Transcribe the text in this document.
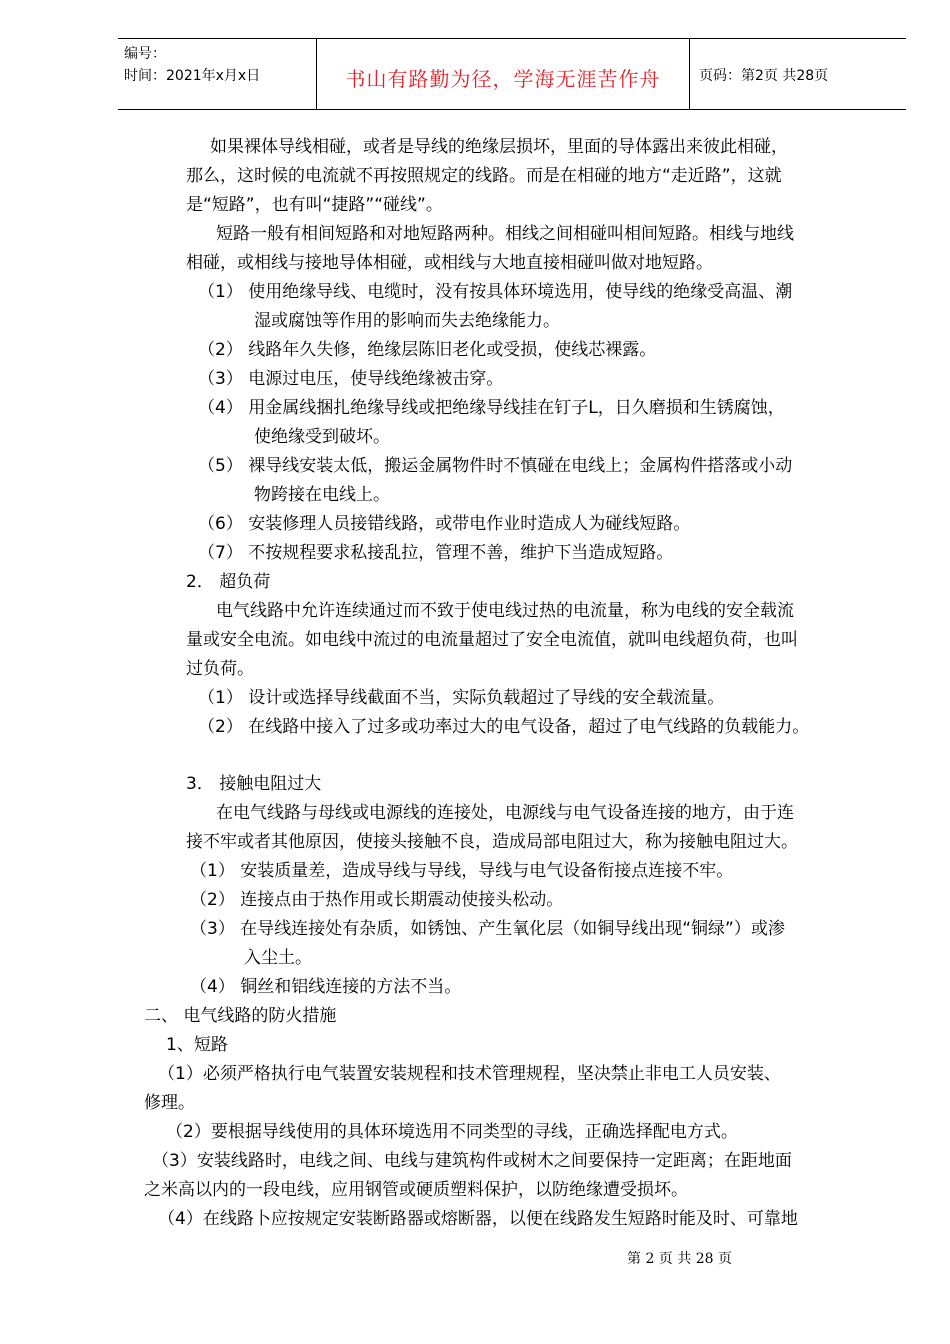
编号：
时间：2021年x月x日	书山有路勤为径，学海无涯苦作舟	页码：第2页 共28页
如果裸体导线相碰，或者是导线的绝缘层损坏，里面的导体露出来彼此相碰，
那么，这时候的电流就不再按照规定的线路。而是在相碰的地方“走近路”，这就
是“短路”，也有叫“捷路”“碰线”。
短路一般有相间短路和对地短路两种。相线之间相碰叫相间短路。相线与地线
相碰，或相线与接地导体相碰，或相线与大地直接相碰叫做对地短路。
（1） 使用绝缘导线、电缆时，没有按具体环境选用，使导线的绝缘受高温、潮
湿或腐蚀等作用的影响而失去绝缘能力。
（2） 线路年久失修，绝缘层陈旧老化或受损，使线芯裸露。
（3） 电源过电压，使导线绝缘被击穿。
（4） 用金属线捆扎绝缘导线或把绝缘导线挂在钉子L，日久磨损和生锈腐蚀，
使绝缘受到破坏。
（5） 裸导线安装太低，搬运金属物件时不慎碰在电线上；金属构件搭落或小动
物跨接在电线上。
（6） 安装修理人员接错线路，或带电作业时造成人为碰线短路。
（7） 不按规程要求私接乱拉，管理不善，维护下当造成短路。
2． 超负荷
电气线路中允许连续通过而不致于使电线过热的电流量，称为电线的安全载流
量或安全电流。如电线中流过的电流量超过了安全电流值，就叫电线超负荷，也叫
过负荷。
（1） 设计或选择导线截面不当，实际负载超过了导线的安全载流量。
（2） 在线路中接入了过多或功率过大的电气设备，超过了电气线路的负载能力。
3． 接触电阻过大
在电气线路与母线或电源线的连接处，电源线与电气设备连接的地方，由于连
接不牢或者其他原因，使接头接触不良，造成局部电阻过大，称为接触电阻过大。
（1） 安装质量差，造成导线与导线，导线与电气设备衔接点连接不牢。
（2） 连接点由于热作用或长期震动使接头松动。
（3） 在导线连接处有杂质，如锈蚀、产生氧化层（如铜导线出现“铜绿”）或渗
入尘土。
（4） 铜丝和铝线连接的方法不当。
二、 电气线路的防火措施
1、短路
（1）必须严格执行电气装置安装规程和技术管理规程，坚决禁止非电工人员安装、
修理。
（2）要根据导线使用的具体环境选用不同类型的寻线，正确选择配电方式。
（3）安装线路时，电线之间、电线与建筑构件或树木之间要保持一定距离；在距地面
之米高以内的一段电线，应用钢管或硬质塑料保护，以防绝缘遭受损坏。
（4）在线路卜应按规定安装断路器或熔断器，以便在线路发生短路时能及时、可靠地
第 2 页 共 28 页
